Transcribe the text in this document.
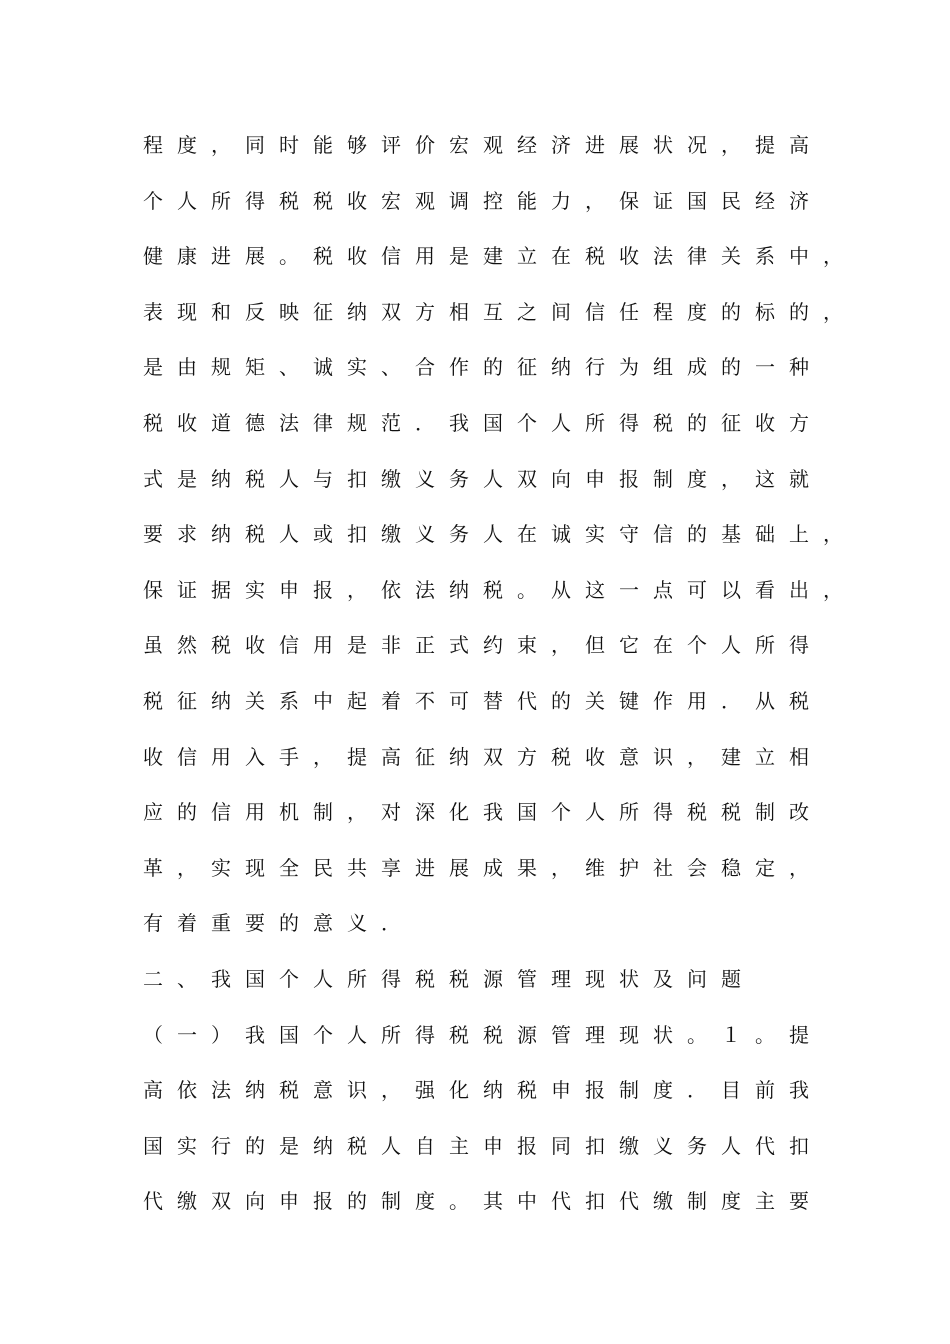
程 度 ， 同 时 能 够 评 价 宏 观 经 济 进 展 状 况 ， 提 高
个 人 所 得 税 税 收 宏 观 调 控 能 力 ， 保 证 国 民 经 济
健 康 进 展 。 税 收 信 用 是 建 立 在 税 收 法 律 关 系 中 ，
表 现 和 反 映 征 纳 双 方 相 互 之 间 信 任 程 度 的 标 的 ，
是 由 规 矩 、 诚 实 、 合 作 的 征 纳 行 为 组 成 的 一 种
税 收 道 德 法 律 规 范 ． 我 国 个 人 所 得 税 的 征 收 方
式 是 纳 税 人 与 扣 缴 义 务 人 双 向 申 报 制 度 ， 这 就
要 求 纳 税 人 或 扣 缴 义 务 人 在 诚 实 守 信 的 基 础 上 ，
保 证 据 实 申 报 ， 依 法 纳 税 。 从 这 一 点 可 以 看 出 ，
虽 然 税 收 信 用 是 非 正 式 约 束 ， 但 它 在 个 人 所 得
税 征 纳 关 系 中 起 着 不 可 替 代 的 关 键 作 用 ． 从 税
收 信 用 入 手 ， 提 高 征 纳 双 方 税 收 意 识 ， 建 立 相
应 的 信 用 机 制 ， 对 深 化 我 国 个 人 所 得 税 税 制 改
革 ， 实 现 全 民 共 享 进 展 成 果 ， 维 护 社 会 稳 定 ，
有 着 重 要 的 意 义 ．
二 、 我 国 个 人 所 得 税 税 源 管 理 现 状 及 问 题
（ 一 ） 我 国 个 人 所 得 税 税 源 管 理 现 状 。 １ 。 提
高 依 法 纳 税 意 识 ， 强 化 纳 税 申 报 制 度 ． 目 前 我
国 实 行 的 是 纳 税 人 自 主 申 报 同 扣 缴 义 务 人 代 扣
代 缴 双 向 申 报 的 制 度 。 其 中 代 扣 代 缴 制 度 主 要
